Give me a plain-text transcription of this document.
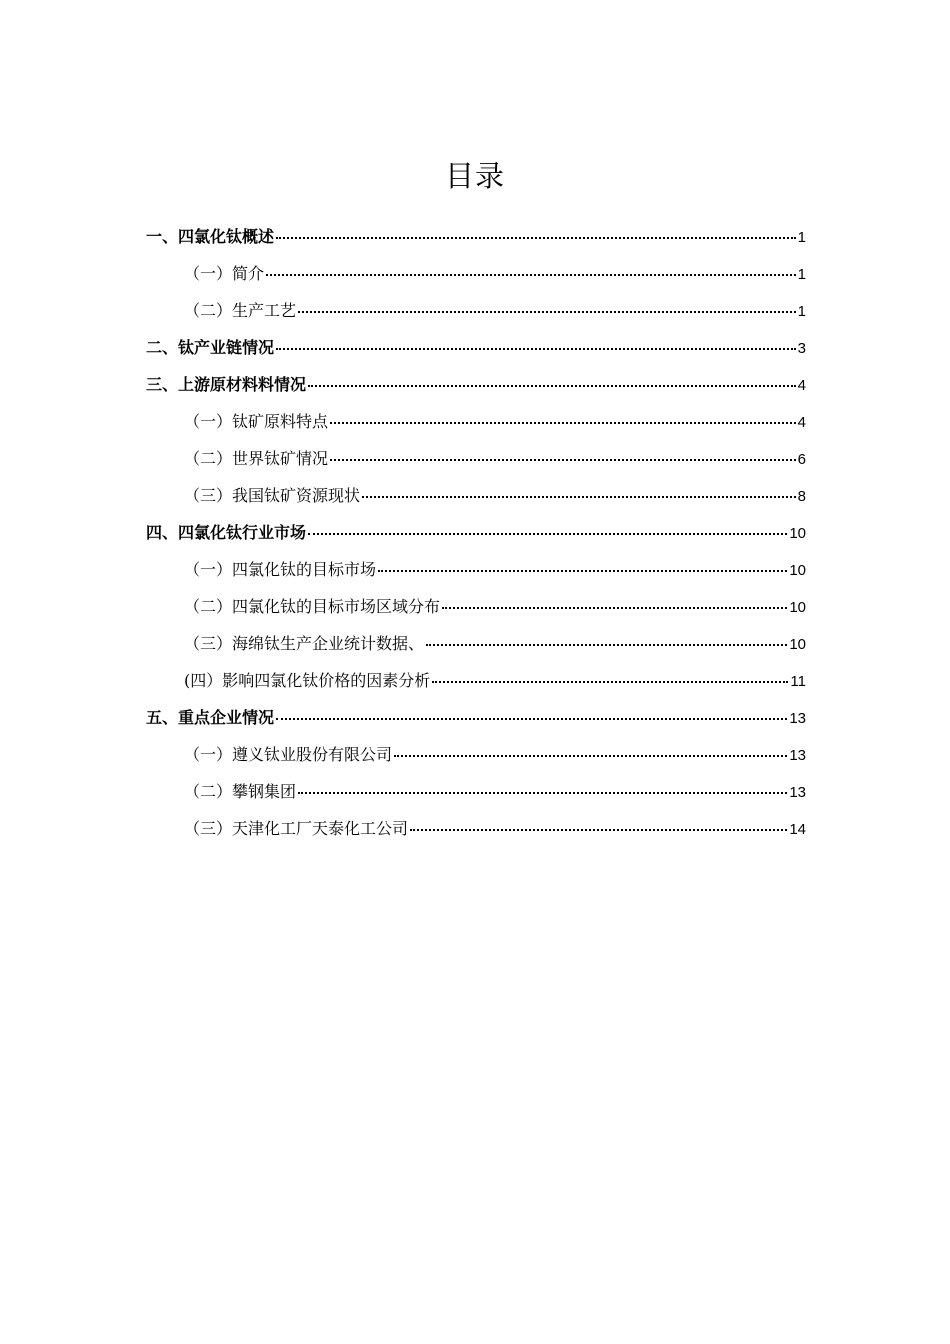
目录
一、四氯化钛概述	1
（一）简介	1
（二）生产工艺	1
二、钛产业链情况	3
三、上游原材料料情况	4
（一）钛矿原料特点	4
（二）世界钛矿情况	6
（三）我国钛矿资源现状	8
四、四氯化钛行业市场	10
（一）四氯化钛的目标市场	10
（二）四氯化钛的目标市场区域分布	10
（三）海绵钛生产企业统计数据、	10
(四）影响四氯化钛价格的因素分析	11
五、重点企业情况	13
（一）遵义钛业股份有限公司	13
（二）攀钢集团	13
（三）天津化工厂天泰化工公司	14
